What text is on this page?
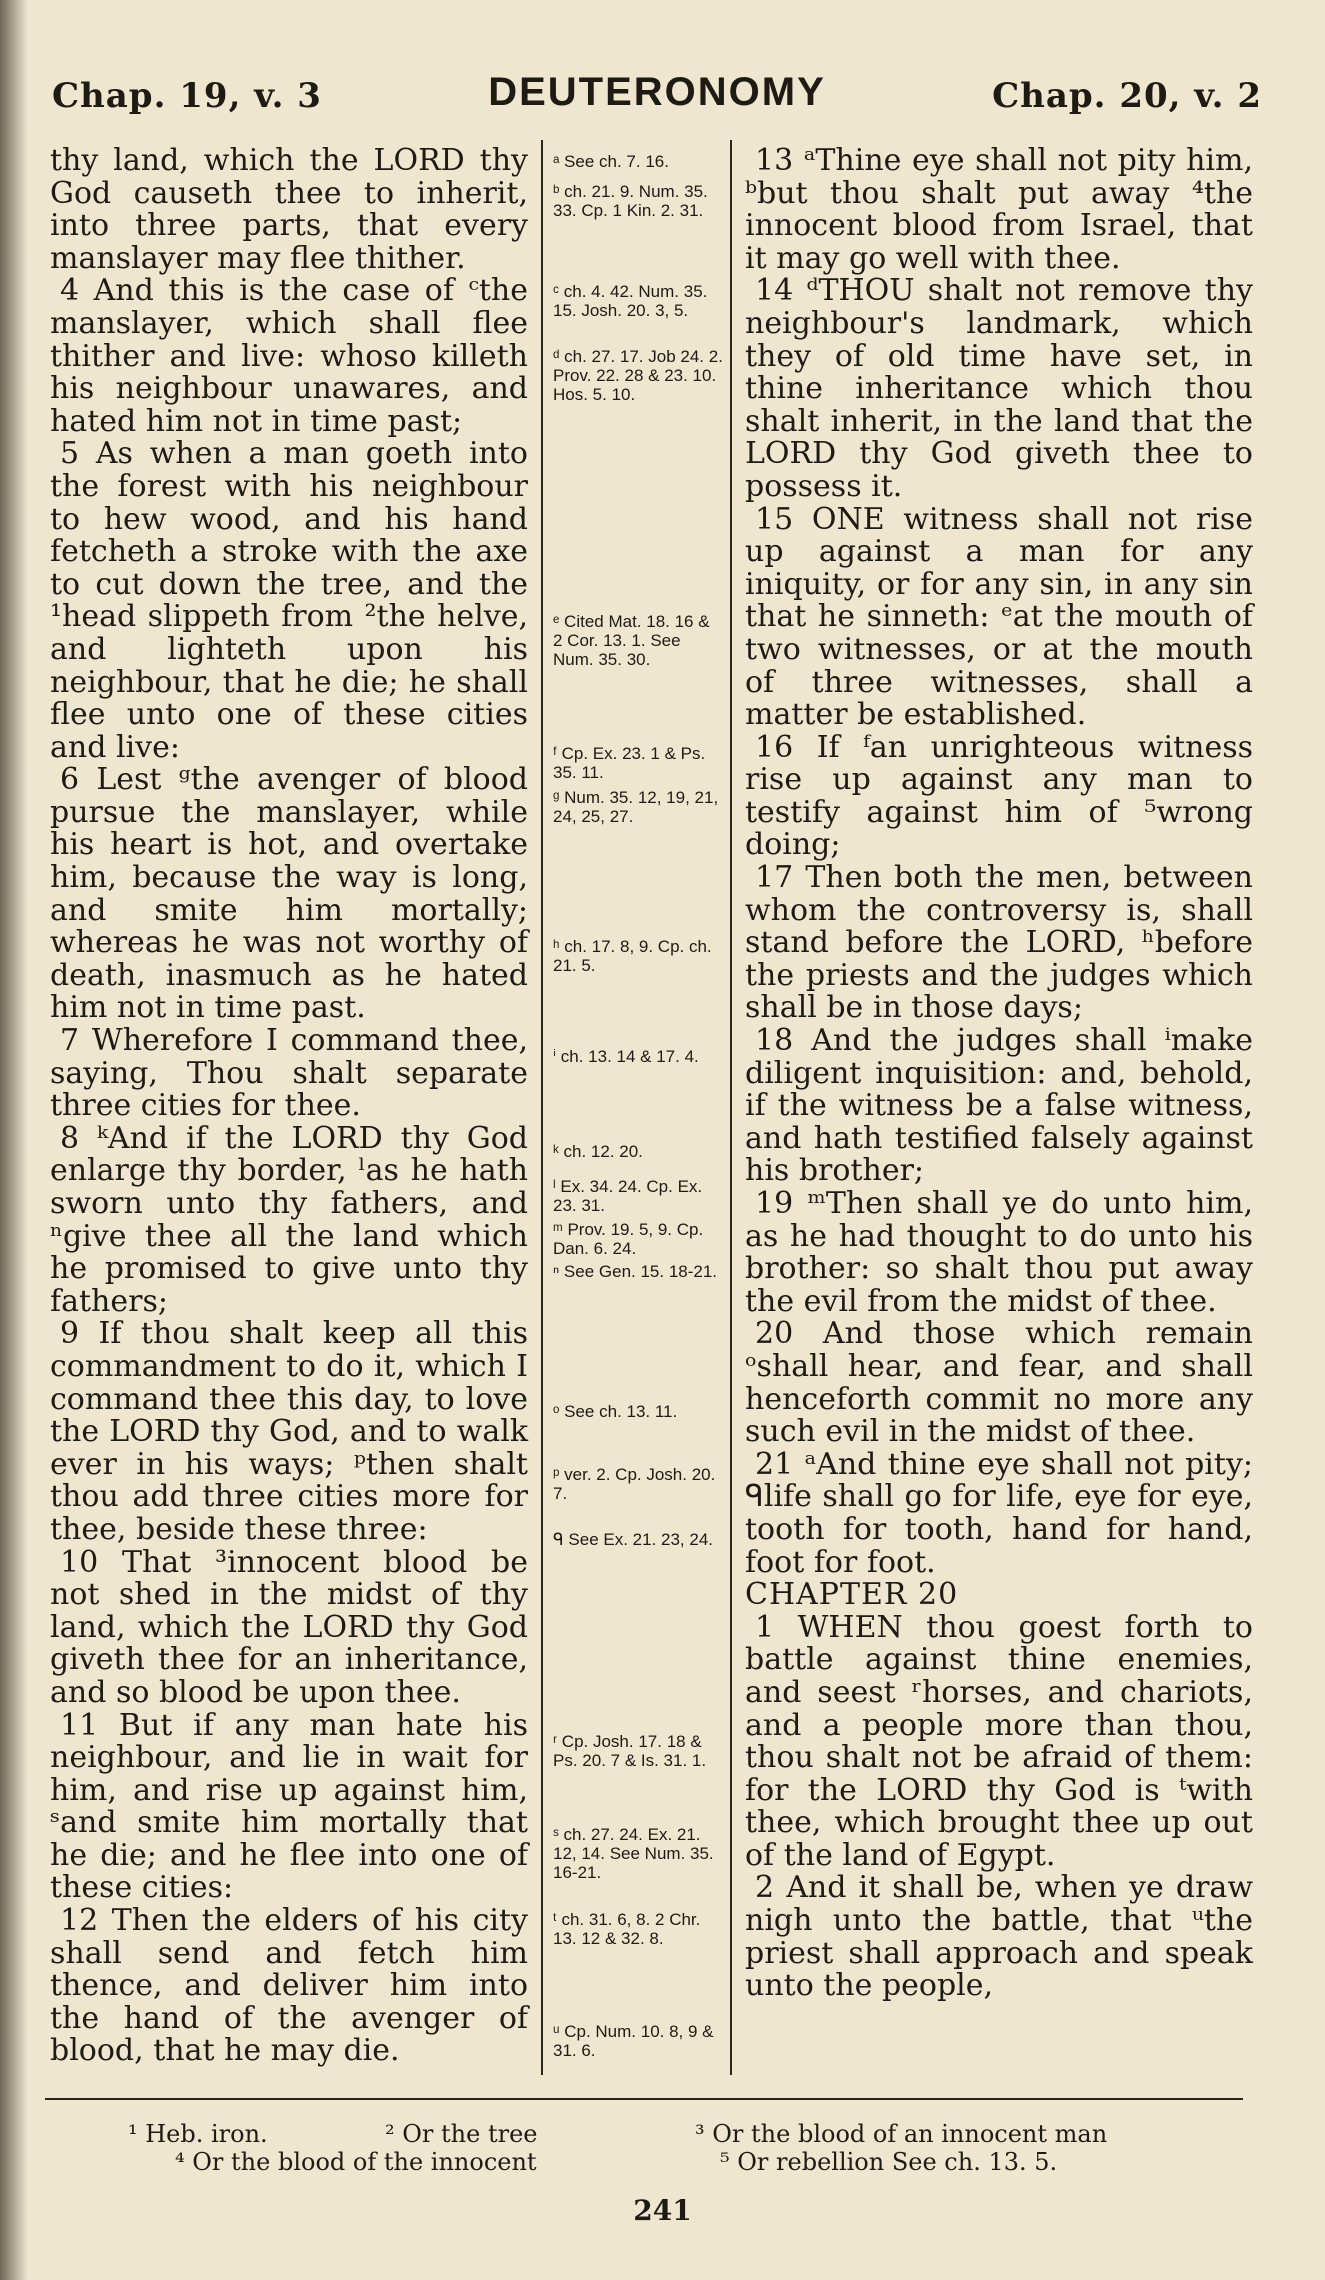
Chap. 19, v. 3	DEUTERONOMY	Chap. 20, v. 2

thy land, which the LORD thy God causeth thee to inherit, into three parts, that every manslayer may flee thither.

4 And this is the case of ᶜthe manslayer, which shall flee thither and live: whoso killeth his neighbour unawares, and hated him not in time past;

5 As when a man goeth into the forest with his neighbour to hew wood, and his hand fetcheth a stroke with the axe to cut down the tree, and the ¹head slippeth from ²the helve, and lighteth upon his neighbour, that he die; he shall flee unto one of these cities and live:

6 Lest ᵍthe avenger of blood pursue the manslayer, while his heart is hot, and overtake him, because the way is long, and smite him mortally; whereas he was not worthy of death, inasmuch as he hated him not in time past.

7 Wherefore I command thee, saying, Thou shalt separate three cities for thee.

8 ᵏAnd if the LORD thy God enlarge thy border, ˡas he hath sworn unto thy fathers, and ⁿgive thee all the land which he promised to give unto thy fathers;

9 If thou shalt keep all this commandment to do it, which I command thee this day, to love the LORD thy God, and to walk ever in his ways; ᵖthen shalt thou add three cities more for thee, beside these three:

10 That ³innocent blood be not shed in the midst of thy land, which the LORD thy God giveth thee for an inheritance, and so blood be upon thee.

11 But if any man hate his neighbour, and lie in wait for him, and rise up against him, ˢand smite him mortally that he die; and he flee into one of these cities:

12 Then the elders of his city shall send and fetch him thence, and deliver him into the hand of the avenger of blood, that he may die.

ᵃ See ch. 7. 16.
ᵇ ch. 21. 9. Num. 35. 33. Cp. 1 Kin. 2. 31.
ᶜ ch. 4. 42. Num. 35. 15. Josh. 20. 3, 5.
ᵈ ch. 27. 17. Job 24. 2. Prov. 22. 28 & 23. 10. Hos. 5. 10.
ᵉ Cited Mat. 18. 16 & 2 Cor. 13. 1. See Num. 35. 30.
ᶠ Cp. Ex. 23. 1 & Ps. 35. 11.
ᵍ Num. 35. 12, 19, 21, 24, 25, 27.
ʰ ch. 17. 8, 9. Cp. ch. 21. 5.
ⁱ ch. 13. 14 & 17. 4.
ᵏ ch. 12. 20.
ˡ Ex. 34. 24. Cp. Ex. 23. 31.
ᵐ Prov. 19. 5, 9. Cp. Dan. 6. 24.
ⁿ See Gen. 15. 18-21.
ᵒ See ch. 13. 11.
ᵖ ver. 2. Cp. Josh. 20. 7.
ᑫ See Ex. 21. 23, 24.
ʳ Cp. Josh. 17. 18 & Ps. 20. 7 & Is. 31. 1.
ˢ ch. 27. 24. Ex. 21. 12, 14. See Num. 35. 16-21.
ᵗ ch. 31. 6, 8. 2 Chr. 13. 12 & 32. 8.
ᵘ Cp. Num. 10. 8, 9 & 31. 6.

13 ᵃThine eye shall not pity him, ᵇbut thou shalt put away ⁴the innocent blood from Israel, that it may go well with thee.

14 ᵈTHOU shalt not remove thy neighbour's landmark, which they of old time have set, in thine inheritance which thou shalt inherit, in the land that the LORD thy God giveth thee to possess it.

15 ONE witness shall not rise up against a man for any iniquity, or for any sin, in any sin that he sinneth: ᵉat the mouth of two witnesses, or at the mouth of three witnesses, shall a matter be established.

16 If ᶠan unrighteous witness rise up against any man to testify against him of ⁵wrong doing;

17 Then both the men, between whom the controversy is, shall stand before the LORD, ʰbefore the priests and the judges which shall be in those days;

18 And the judges shall ⁱmake diligent inquisition: and, behold, if the witness be a false witness, and hath testified falsely against his brother;

19 ᵐThen shall ye do unto him, as he had thought to do unto his brother: so shalt thou put away the evil from the midst of thee.

20 And those which remain ᵒshall hear, and fear, and shall henceforth commit no more any such evil in the midst of thee.

21 ᵃAnd thine eye shall not pity; ᑫlife shall go for life, eye for eye, tooth for tooth, hand for hand, foot for foot.

CHAPTER 20

1 WHEN thou goest forth to battle against thine enemies, and seest ʳhorses, and chariots, and a people more than thou, thou shalt not be afraid of them: for the LORD thy God is ᵗwith thee, which brought thee up out of the land of Egypt.

2 And it shall be, when ye draw nigh unto the battle, that ᵘthe priest shall approach and speak unto the people,

¹ Heb. iron.	² Or the tree	³ Or the blood of an innocent man
⁴ Or the blood of the innocent	⁵ Or rebellion See ch. 13. 5.
241
